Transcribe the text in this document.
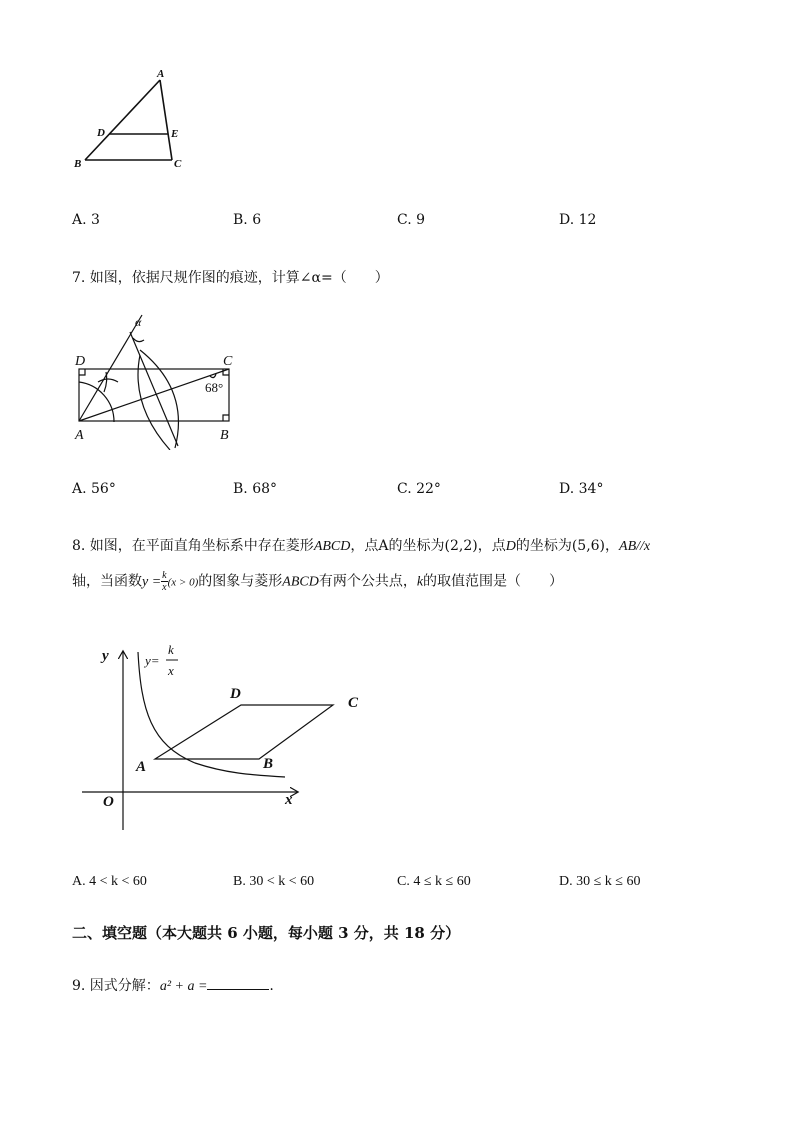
A
D	E
B	C
A. 3	B. 6	C. 9	D. 12
7. 如图，依据尺规作图的痕迹，计算∠α=（　　）
D	C
A	B
α
68°
A. 56°	B. 68°	C. 22°	D. 34°
8. 如图，在平面直角坐标系中存在菱形ABCD，点A的坐标为(2,2)，点D的坐标为(5,6)，AB//x
轴，当函数$y = \frac{k}{x} (x > 0)$的图象与菱形ABCD有两个公共点，k的取值范围是（　　）
y
x
O
A	B
D
y=
k
x
C
A. 4 < k < 60	B. 30 < k < 60	C. 4 ≤ k ≤ 60	D. 30 ≤ k ≤ 60
二、填空题（本大题共 6 小题，每小题 3 分，共 18 分）
9. 因式分解：a² + a =	.
